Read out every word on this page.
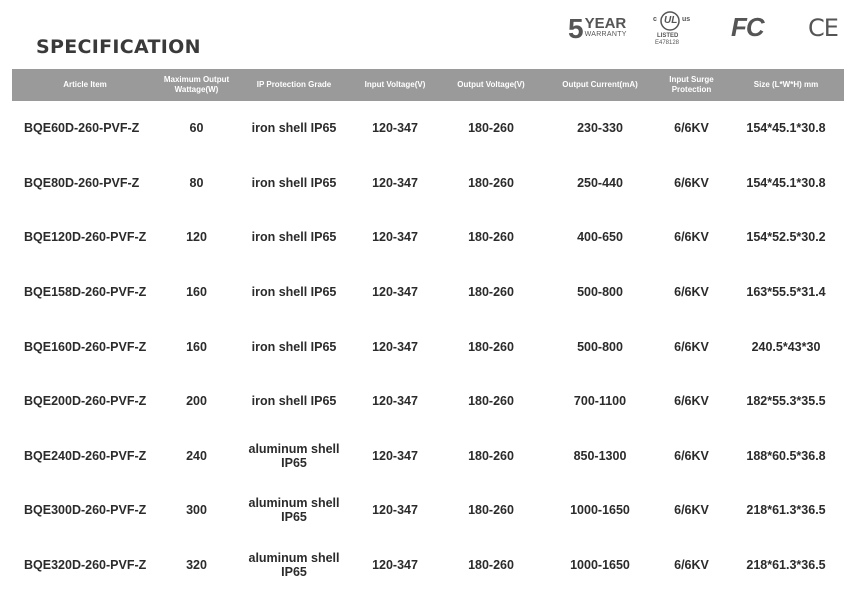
SPECIFICATION
5 YEAR
WARRANTY
c UL us
LISTED
E478128
FC CE
Article Item	Maximum Output Wattage(W)	IP Protection Grade	Input Voltage(V)	Output Voltage(V)	Output Current(mA)	Input Surge Protection	Size (L*W*H) mm
BQE60D-260-PVF-Z	60	iron shell IP65	120-347	180-260	230-330	6/6KV	154*45.1*30.8
BQE80D-260-PVF-Z	80	iron shell IP65	120-347	180-260	250-440	6/6KV	154*45.1*30.8
BQE120D-260-PVF-Z	120	iron shell IP65	120-347	180-260	400-650	6/6KV	154*52.5*30.2
BQE158D-260-PVF-Z	160	iron shell IP65	120-347	180-260	500-800	6/6KV	163*55.5*31.4
BQE160D-260-PVF-Z	160	iron shell IP65	120-347	180-260	500-800	6/6KV	240.5*43*30
BQE200D-260-PVF-Z	200	iron shell IP65	120-347	180-260	700-1100	6/6KV	182*55.3*35.5
BQE240D-260-PVF-Z	240	aluminum shell IP65	120-347	180-260	850-1300	6/6KV	188*60.5*36.8
BQE300D-260-PVF-Z	300	aluminum shell IP65	120-347	180-260	1000-1650	6/6KV	218*61.3*36.5
BQE320D-260-PVF-Z	320	aluminum shell IP65	120-347	180-260	1000-1650	6/6KV	218*61.3*36.5
